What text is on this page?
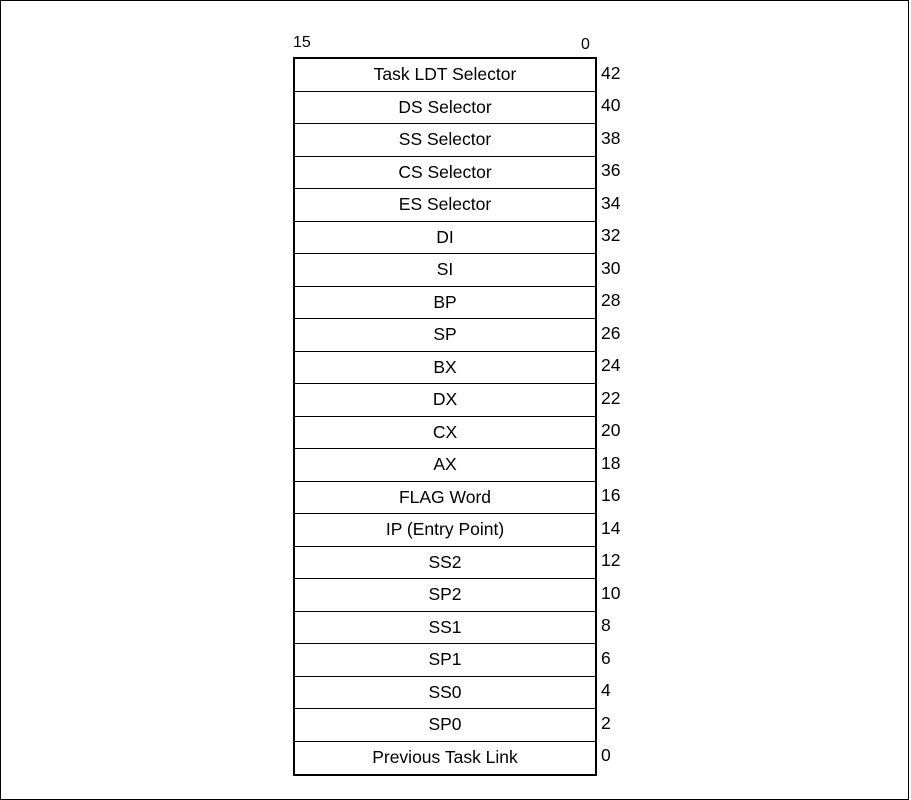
15	0
Task LDT Selector
DS Selector
SS Selector
CS Selector
ES Selector
DI
SI
BP
SP
BX
DX
CX
AX
FLAG Word
IP (Entry Point)
SS2
SP2
SS1
SP1
SS0
SP0
Previous Task Link
42
40
38
36
34
32
30
28
26
24
22
20
18
16
14
12
10
8
6
4
2
0
